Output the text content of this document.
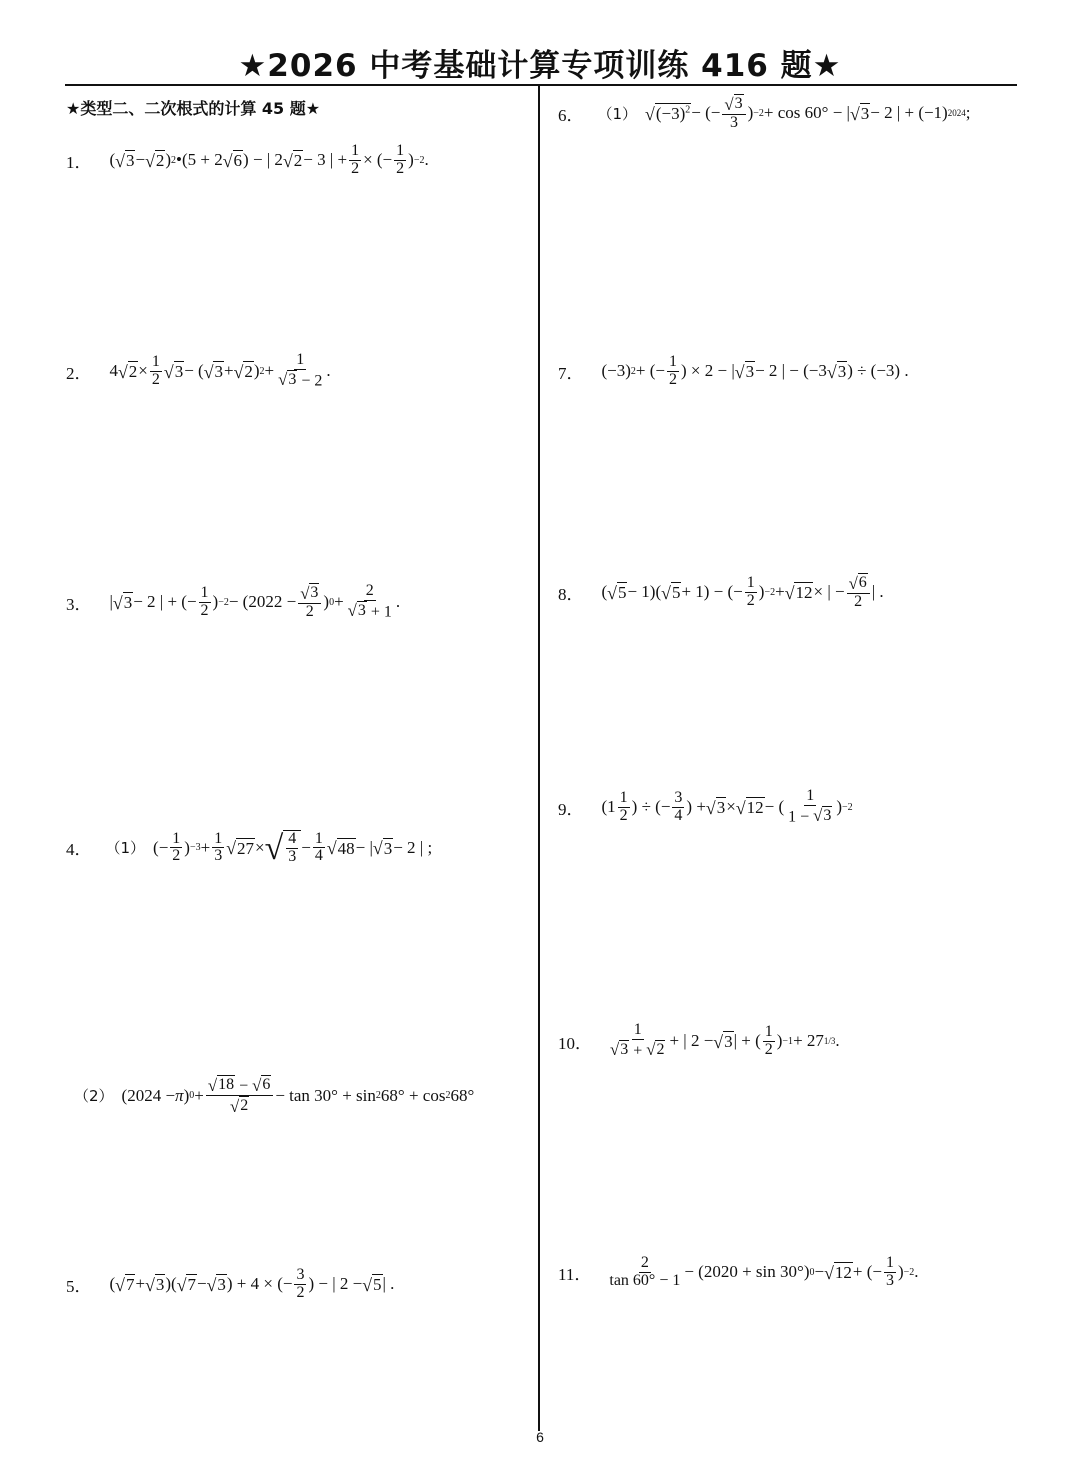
★2026 中考基础计算专项训练 416 题★
★类型二、二次根式的计算 45 题★
1． ( √ 3 − √ 2 ) 2 •(5 + 2 √ 6 ) − | 2 √ 2 − 3 | + 1
2 × (− 1
2 ) −2 .
2． 4 √ 2 × 1
2 √ 3 − ( √ 3 + √ 2 ) 2 +
1
√ 3 − 2
.
3． | √ 3 − 2 | + (− 1
2 ) −2 − (2022 − √ 3
2
) 0 +
2
√ 3 + 1
.
4． （1） (− 1
2 ) −3 + 1
3 √ 27 × √ $\frac{4}{3} - 1$
4 √ 48 − | √ 3 − 2 | ;
（2） (2024 − π ) 0 +
√ 18 − √ 6
√ 2
− tan 30° + sin 2 68° + cos 2 68°
5． ( √ 7 + √ 3 )( √ 7 − √ 3 ) + 4 × (− 3
2 ) − | 2 − √ 5 | .
6． （1） √ $(-3)^2$ − (− √ 3
3
) −2 + cos 60° − | √ 3 − 2 | + (−1) 2024 ;
7． (−3) 2 + (− 1
2 ) × 2 − | √ 3 − 2 | − (−3 √ 3 ) ÷ (−3) .
8． ( √ 5 − 1)( √ 5 + 1) − (− 1
2 ) −2 + √ 12 × | − √ 6
2
| .
9． (1 1
2 ) ÷ (− 3
4 ) + √ 3 × √ 12 − (
1
1 − √ 3 ) −2
10．
1
√ 3 + √ 2 + | 2 − √ 3 | + ( 1
2 ) −1 + 27 1/3 .
11．
2
tan 60° − 1 − (2020 + sin 30°) 0 − √ 12 + (− 1
3 ) −2 .
6
